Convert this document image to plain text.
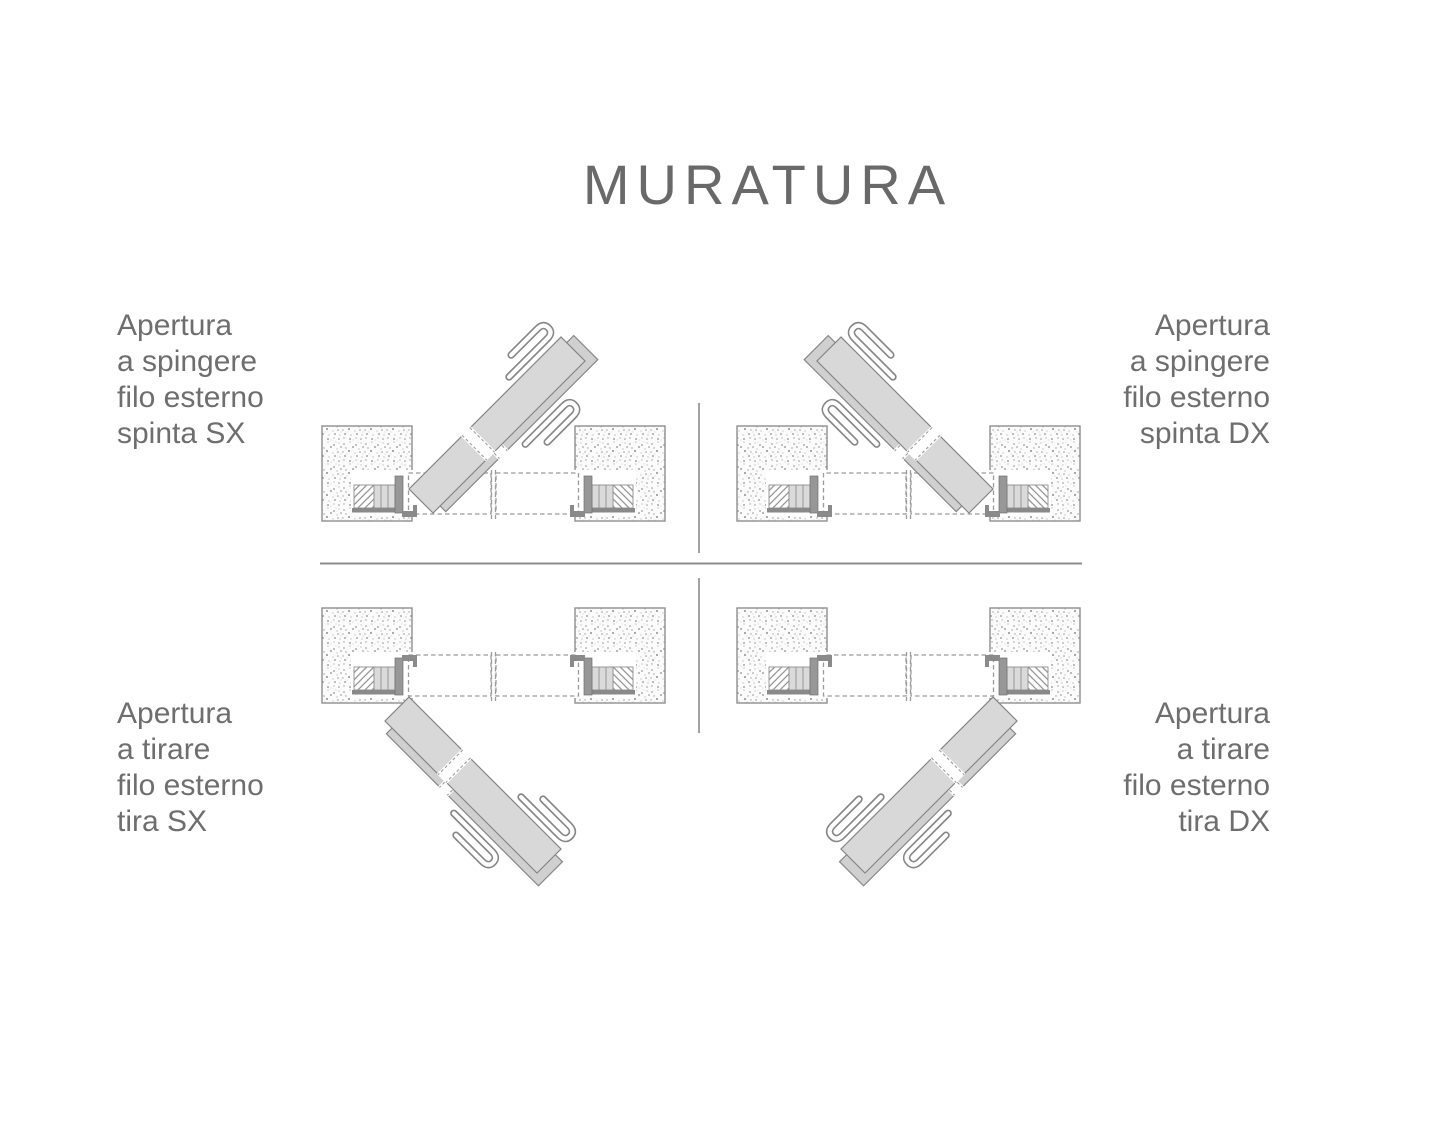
MURATURA
Apertura
a spingere
filo esterno
spinta SX
Apertura
a spingere
filo esterno
spinta DX
Apertura
a tirare
filo esterno
tira SX
Apertura
a tirare
filo esterno
tira DX
